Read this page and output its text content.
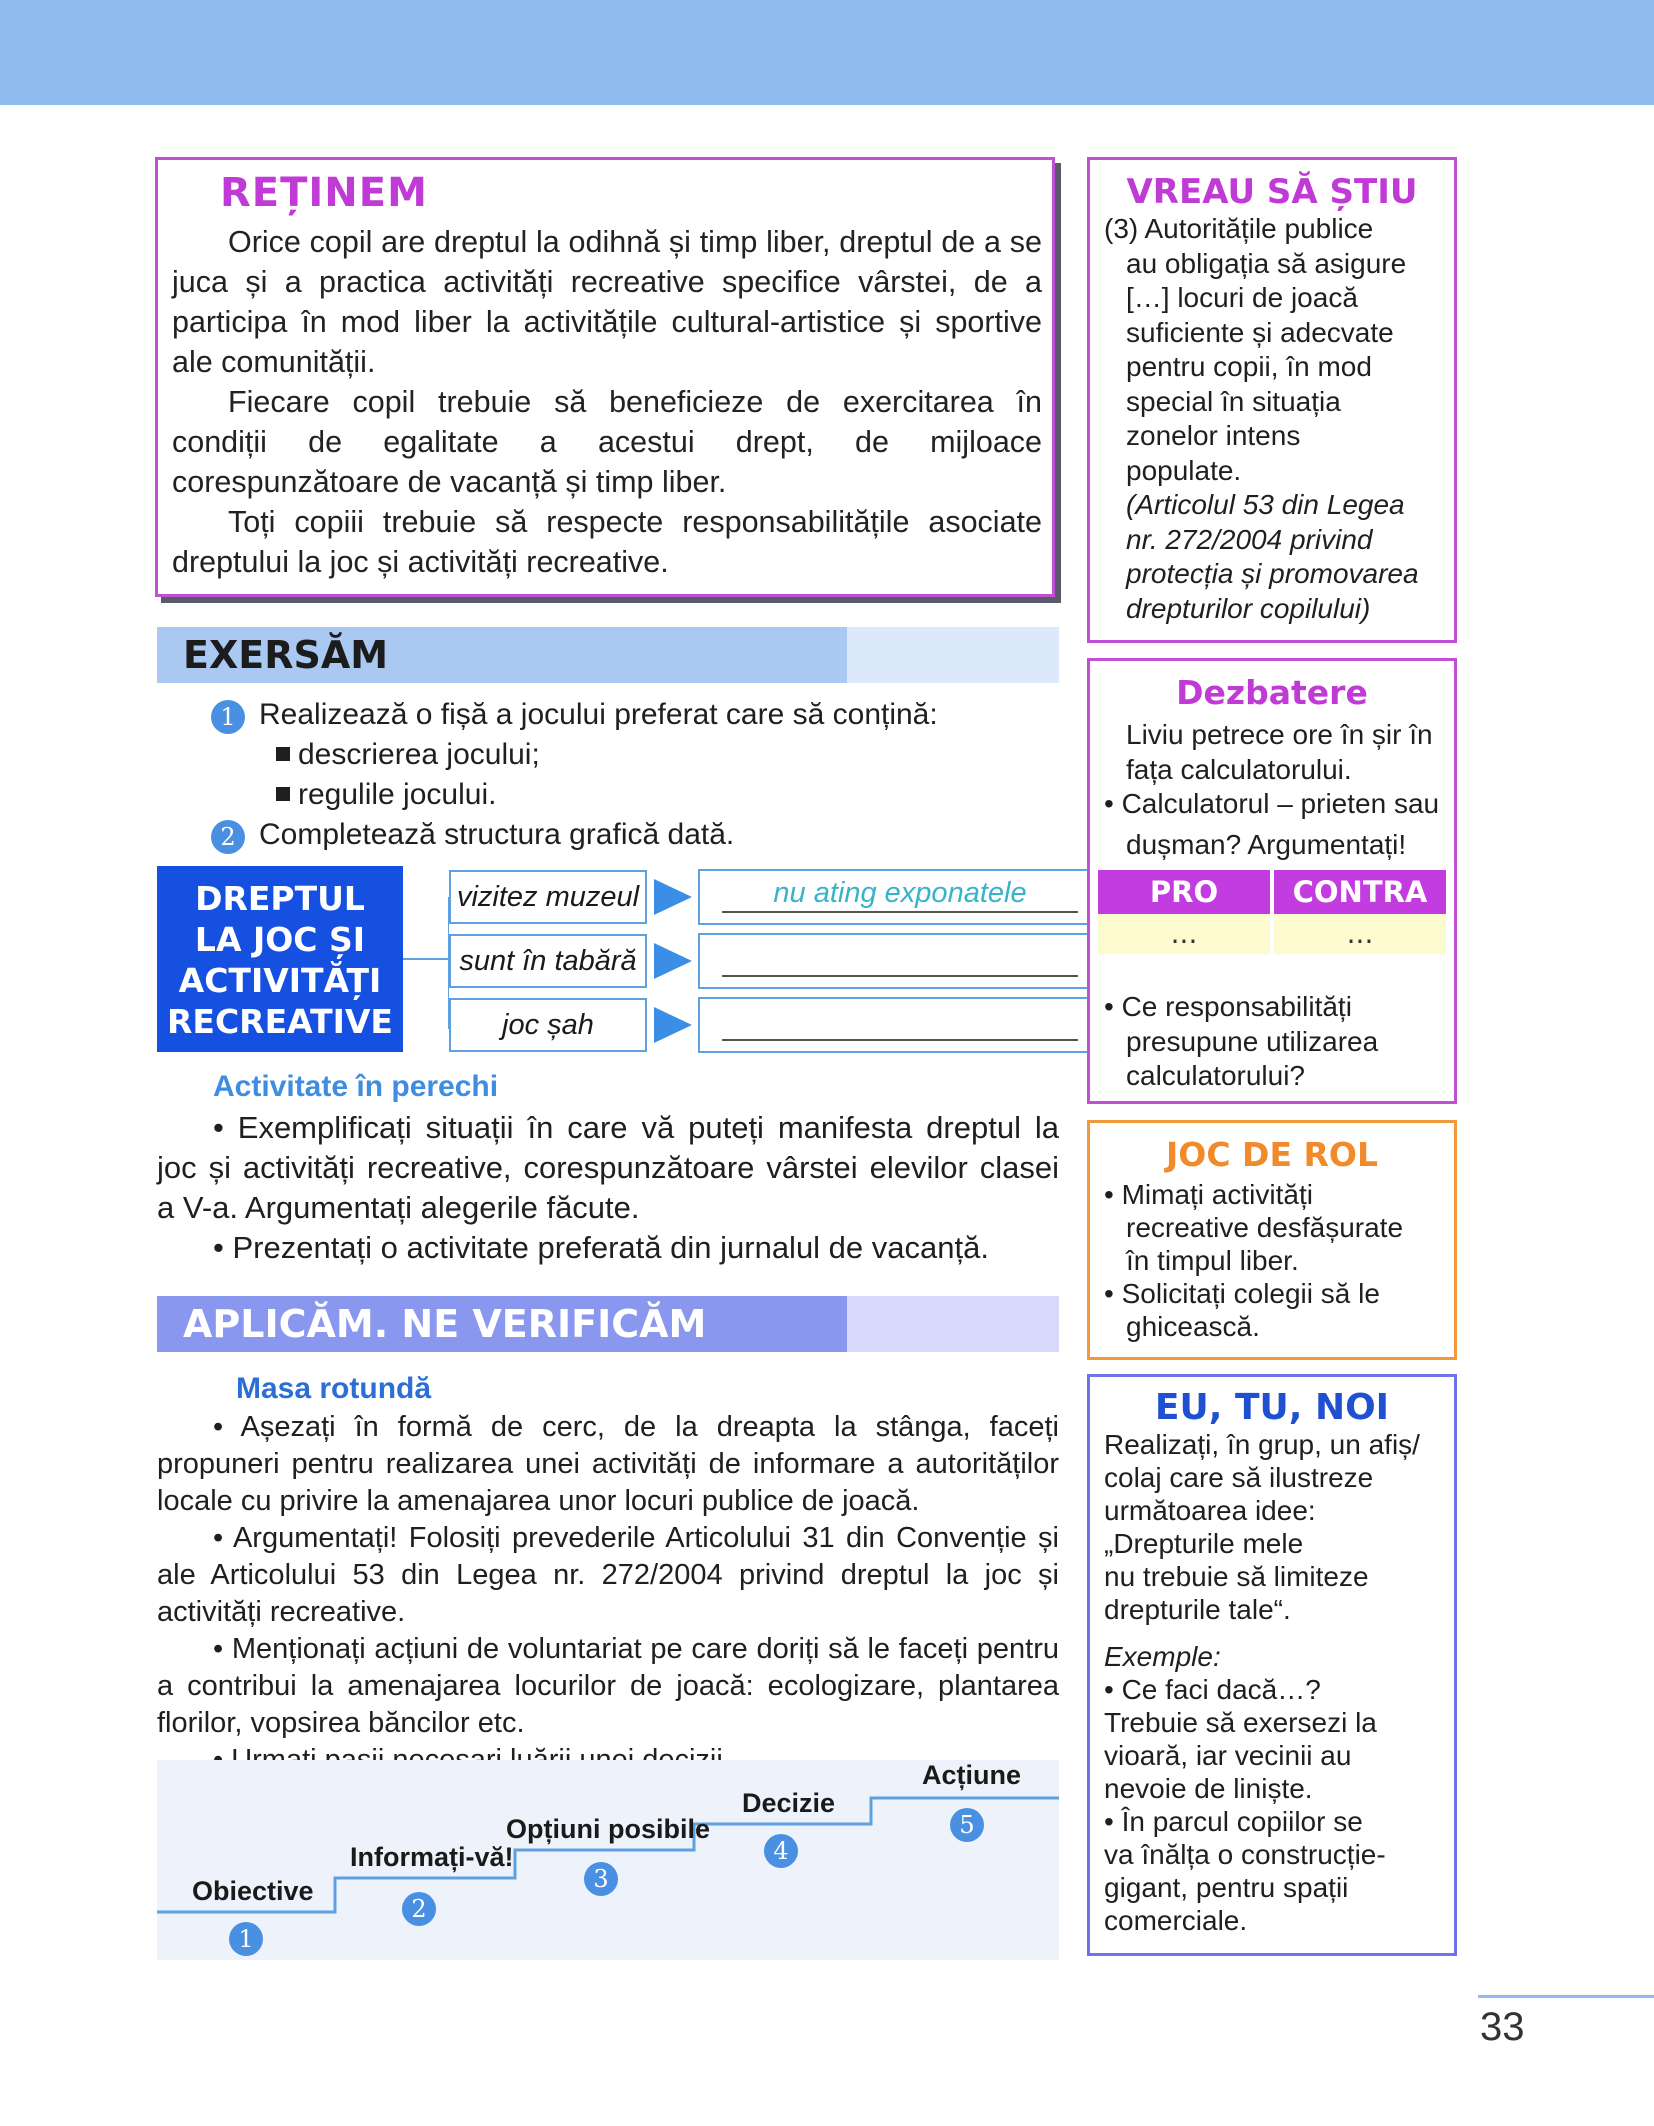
REȚINEM

Orice copil are dreptul la odihnă și timp liber, dreptul de a se juca și a practica activități recreative specifice vârstei, de a participa în mod liber la activitățile cultural-artistice și sportive ale comunității.

Fiecare copil trebuie să beneficieze de exercitarea în condiții de egalitate a acestui drept, de mijloace corespunzătoare de vacanță și timp liber.

Toți copiii trebuie să respecte responsabilitățile asociate dreptului la joc și activități recreative.

EXERSĂM
1 Realizează o fișă a jocului preferat care să conțină:
descrierea jocului;
regulile jocului.
2 Completează structura grafică dată.
DREPTUL
LA JOC ȘI
ACTIVITĂȚI
RECREATIVE
vizitez muzeul
sunt în tabără
joc șah
nu ating exponatele
Activitate în perechi

• Exemplificați situații în care vă puteți manifesta dreptul la joc și activități recreative, corespunzătoare vârstei elevilor clasei a V-a. Argumentați alegerile făcute.

• Prezentați o activitate preferată din jurnalul de vacanță.

APLICĂM. NE VERIFICĂM
Masa rotundă

• Așezați în formă de cerc, de la dreapta la stânga, faceți propuneri pentru realizarea unei activități de informare a autorităților locale cu privire la amenajarea unor locuri publice de joacă.

• Argumentați! Folosiți prevederile Articolului 31 din Convenție și ale Articolului 53 din Legea nr. 272/2004 privind dreptul la joc și activități recreative.

• Menționați acțiuni de voluntariat pe care doriți să le faceți pentru a contribui la amenajarea locurilor de joacă: ecologizare, plantarea florilor, vopsirea băncilor etc.

Obiective
Informați-vă!
Opțiuni posibile
Decizie
Acțiune
1
2
3
4
5
VREAU SĂ ȘTIU
(3) Autoritățile publice
au obligația să asigure
[…] locuri de joacă
suficiente și adecvate
pentru copii, în mod
special în situația
zonelor intens
populate.
(Articolul 53 din Legea
nr. 272/2004 privind
protecția și promovarea
drepturilor copilului)
Dezbatere
Liviu petrece ore în șir în
fața calculatorului.
• Calculatorul – prieten sau
dușman? Argumentați!
PRO	CONTRA
...	...
• Ce responsabilități
presupune utilizarea
calculatorului?
JOC DE ROL
• Mimați activități
recreative desfășurate
în timpul liber.
• Solicitați colegii să le
ghicească.
EU, TU, NOI
Realizați, în grup, un afiș/
colaj care să ilustreze
următoarea idee:
„Drepturile mele
nu trebuie să limiteze
drepturile tale“.
Exemple:
• Ce faci dacă…?
Trebuie să exersezi la
vioară, iar vecinii au
nevoie de liniște.
• În parcul copiilor se
va înălța o construcție-
gigant, pentru spații
comerciale.
33
